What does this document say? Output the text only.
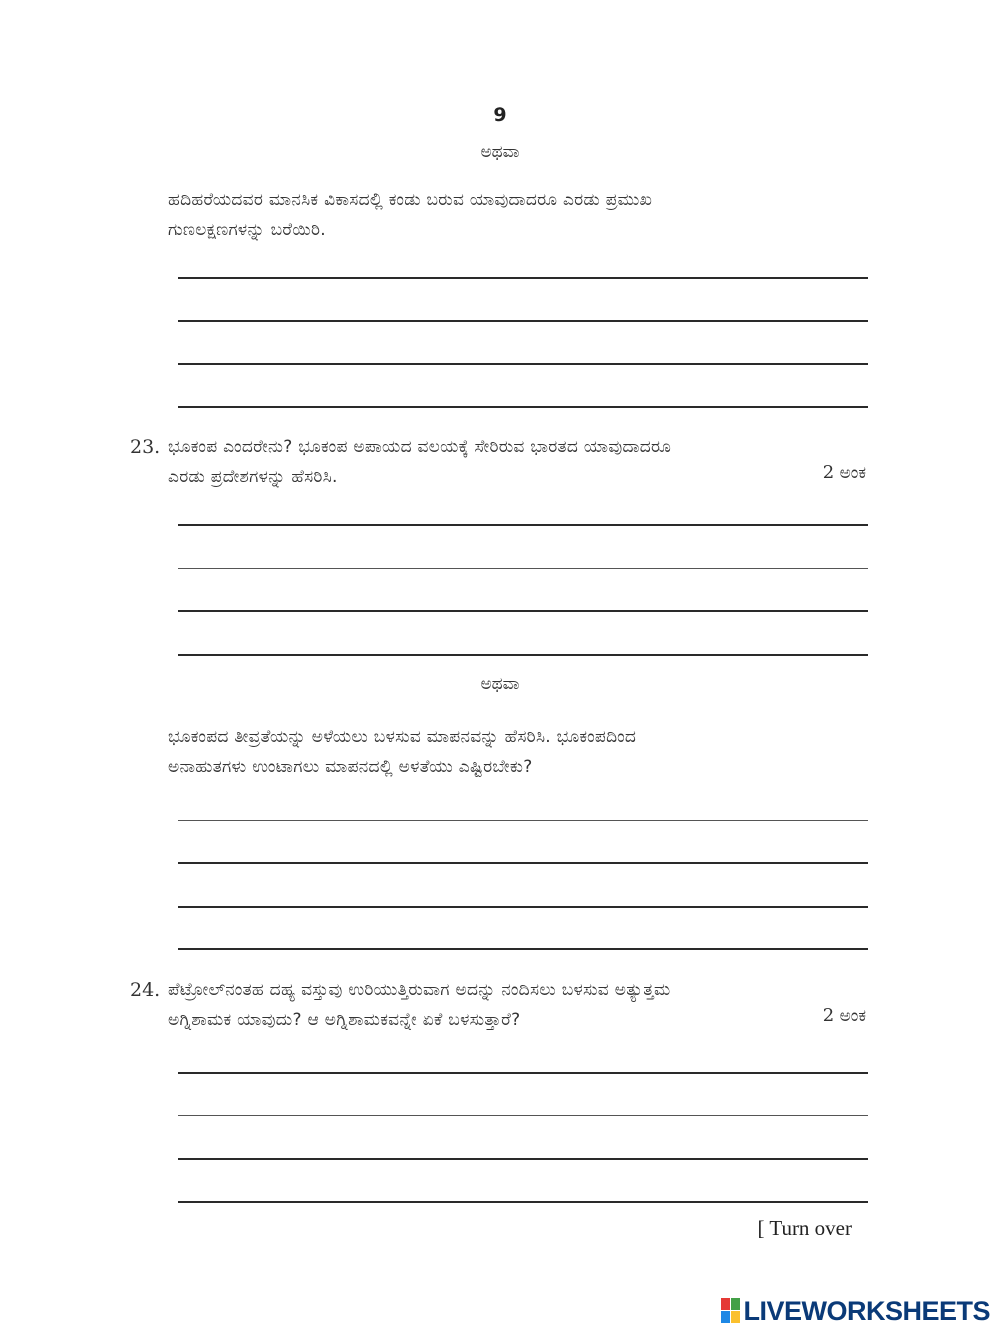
9
ಅಥವಾ
ಹದಿಹರೆಯದವರ ಮಾನಸಿಕ ವಿಕಾಸದಲ್ಲಿ ಕಂಡು ಬರುವ ಯಾವುದಾದರೂ ಎರಡು ಪ್ರಮುಖ
ಗುಣಲಕ್ಷಣಗಳನ್ನು ಬರೆಯಿರಿ.
23. ಭೂಕಂಪ ಎಂದರೇನು? ಭೂಕಂಪ ಅಪಾಯದ ವಲಯಕ್ಕೆ ಸೇರಿರುವ ಭಾರತದ ಯಾವುದಾದರೂ
ಎರಡು ಪ್ರದೇಶಗಳನ್ನು ಹೆಸರಿಸಿ.	2 ಅಂಕ
ಅಥವಾ
ಭೂಕಂಪದ ತೀವ್ರತೆಯನ್ನು ಅಳೆಯಲು ಬಳಸುವ ಮಾಪನವನ್ನು ಹೆಸರಿಸಿ. ಭೂಕಂಪದಿಂದ
ಅನಾಹುತಗಳು ಉಂಟಾಗಲು ಮಾಪನದಲ್ಲಿ ಅಳತೆಯು ಎಷ್ಟಿರಬೇಕು?
24. ಪೆಟ್ರೋಲ್‌ನಂತಹ ದಹ್ಯ ವಸ್ತುವು ಉರಿಯುತ್ತಿರುವಾಗ ಅದನ್ನು ನಂದಿಸಲು ಬಳಸುವ ಅತ್ಯುತ್ತಮ
ಅಗ್ನಿಶಾಮಕ ಯಾವುದು? ಆ ಅಗ್ನಿಶಾಮಕವನ್ನೇ ಏಕೆ ಬಳಸುತ್ತಾರೆ?	2 ಅಂಕ
[ Turn over
LIVEWORKSHEETS
